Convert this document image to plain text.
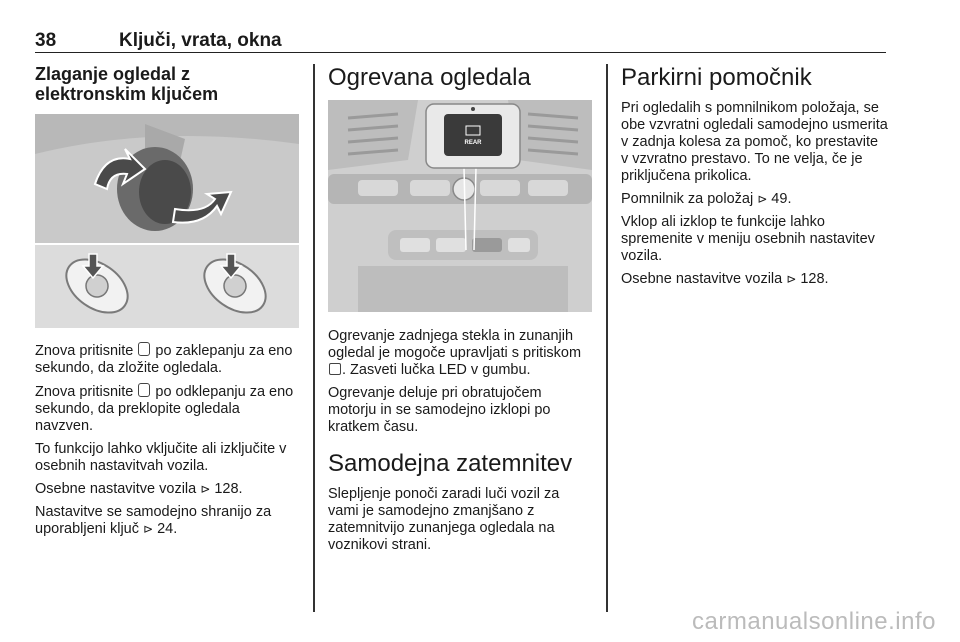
38	Ključi, vrata, okna
Zlaganje ogledal z elektronskim ključem

Znova pritisnite  po zaklepanju za eno sekundo, da zložite ogledala.

Znova pritisnite  po odklepanju za eno sekundo, da preklopite ogledala navzven.

To funkcijo lahko vključite ali izključite v osebnih nastavitvah vozila.

Osebne nastavitve vozila ⊳ 128.

Nastavitve se samodejno shranijo za uporabljeni ključ ⊳ 24.

Ogrevana ogledala
REAR

Ogrevanje zadnjega stekla in zunanjih ogledal je mogoče upravljati s pritiskom . Zasveti lučka LED v gumbu.

Ogrevanje deluje pri obratujočem motorju in se samodejno izklopi po kratkem času.

Samodejna zatemnitev

Slepljenje ponoči zaradi luči vozil za vami je samodejno zmanjšano z zatemnitvijo zunanjega ogledala na voznikovi strani.

Parkirni pomočnik

Pri ogledalih s pomnilnikom položaja, se obe vzvratni ogledali samodejno usmerita v zadnja kolesa za pomoč, ko prestavite v vzvratno prestavo. To ne velja, če je priključena prikolica.

Pomnilnik za položaj ⊳ 49.

Vklop ali izklop te funkcije lahko spremenite v meniju osebnih nastavitev vozila.

Osebne nastavitve vozila ⊳ 128.

carmanualsonline.info
